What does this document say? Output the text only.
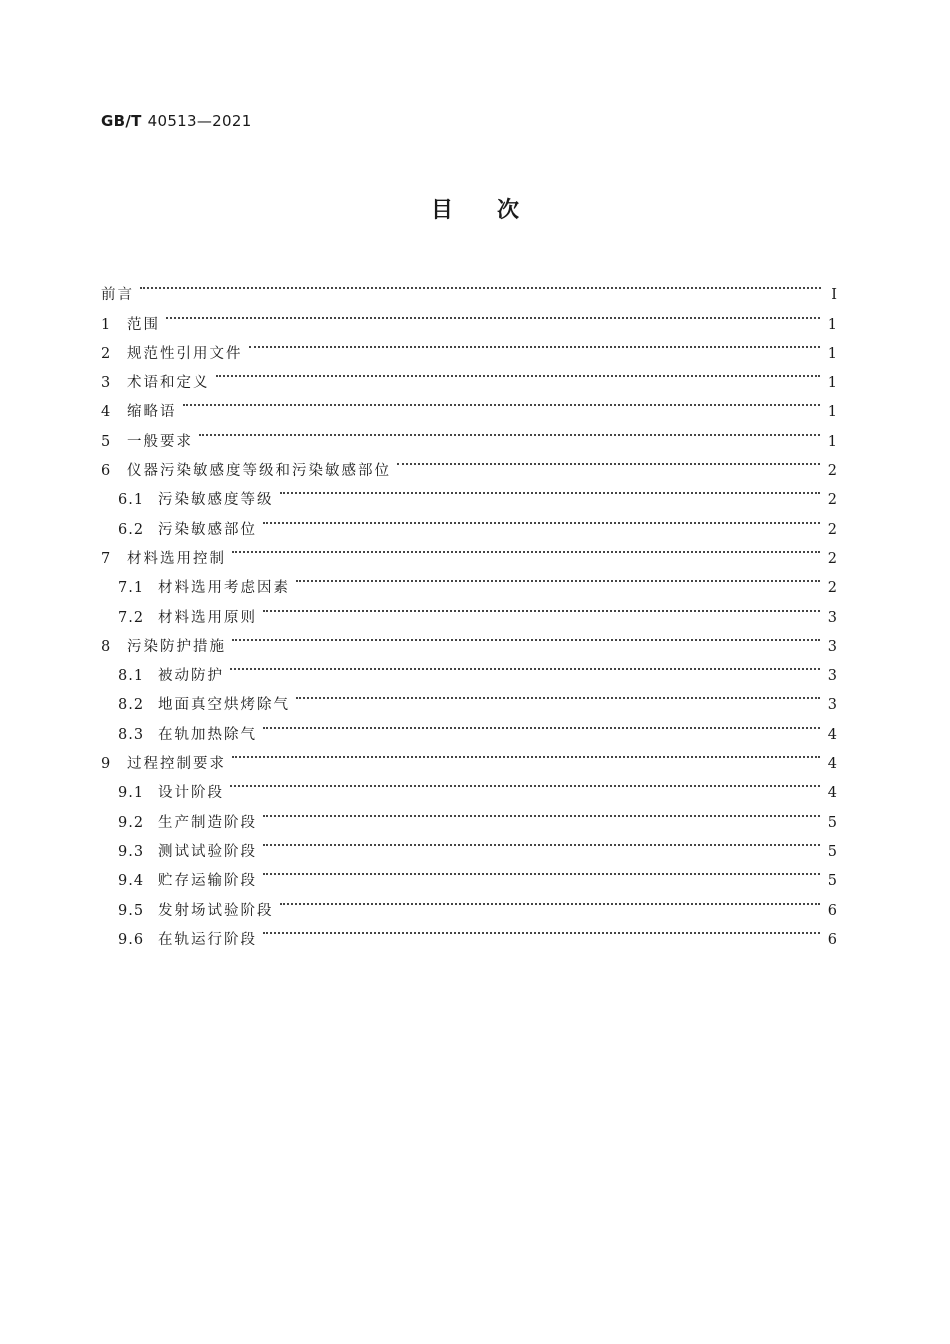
GB/T 40513—2021
目次
前言	Ⅰ
1	范围	1
2	规范性引用文件	1
3	术语和定义	1
4	缩略语	1
5	一般要求	1
6	仪器污染敏感度等级和污染敏感部位	2
6.1 污染敏感度等级	2
6.2 污染敏感部位	2
7	材料选用控制	2
7.1 材料选用考虑因素	2
7.2 材料选用原则	3
8	污染防护措施	3
8.1 被动防护	3
8.2 地面真空烘烤除气	3
8.3 在轨加热除气	4
9	过程控制要求	4
9.1 设计阶段	4
9.2 生产制造阶段	5
9.3 测试试验阶段	5
9.4 贮存运输阶段	5
9.5 发射场试验阶段	6
9.6 在轨运行阶段	6
